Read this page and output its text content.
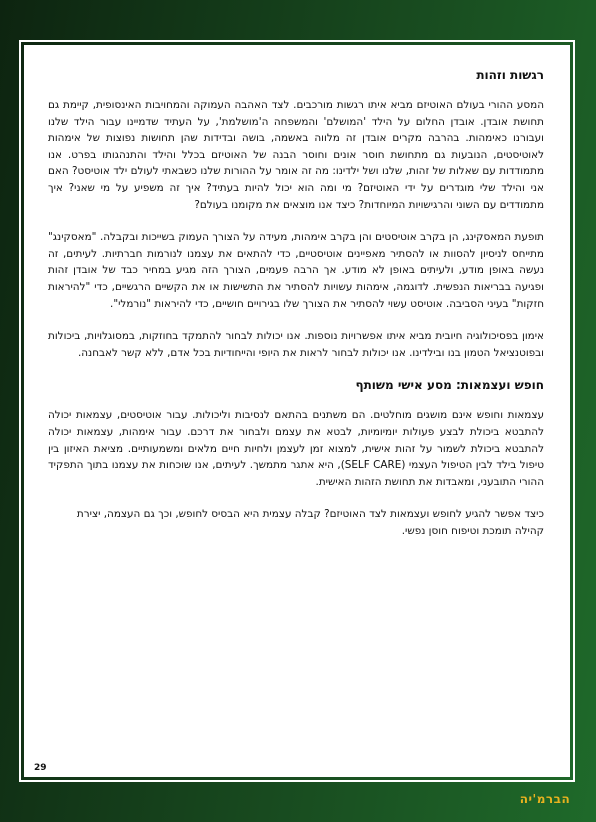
רגשות וזהות

המסע ההורי בעולם האוטיזם מביא איתו רגשות מורכבים. לצד האהבה העמוקה והמחויבות האינסופית, קיימת גם תחושת אובדן. אובדן החלום על הילד 'המושלם' והמשפחה ה'מושלמת', על העתיד שדמיינו עבור הילד שלנו ועבורנו כאימהות. בהרבה מקרים אובדן זה מלווה באשמה, בושה ובדידות שהן תחושות נפוצות של אימהות לאוטיסטים, הנובעות גם מתחושת חוסר אונים וחוסר הבנה של האוטיזם בכלל והילד והתנהגותו בפרט. אנו מתמודדות עם שאלות של זהות, שלנו ושל ילדינו: מה זה אומר על ההורות שלנו כשבאתי לעולם ילד אוטיסט? האם אני והילד שלי מוגדרים על ידי האוטיזם? מי ומה הוא יכול להיות בעתיד? איך זה משפיע על מי שאני? איך מתמודדים עם השוני והרגישויות המיוחדות? כיצד אנו מוצאים את מקומנו בעולם?

תופעת המאסקינג, הן בקרב אוטיסטים והן בקרב אימהות, מעידה על הצורך העמוק בשייכות ובקבלה. "מאסקינג" מתייחס לניסיון להסוות או להסתיר מאפיינים אוטיסטיים, כדי להתאים את עצמנו לנורמות חברתיות. לעיתים, זה נעשה באופן מודע, ולעיתים באופן לא מודע. אך הרבה פעמים, הצורך הזה מגיע במחיר כבד של אובדן זהות ופגיעה בבריאות הנפשית. לדוגמה, אימהות עשויות להסתיר את התשישות או את הקשיים הרגשיים, כדי "להיראות חזקות" בעיני הסביבה. אוטיסט עשוי להסתיר את הצורך שלו בגירויים חושיים, כדי להיראות "נורמלי".

אימון בפסיכולוגיה חיובית מביא איתו אפשרויות נוספות. אנו יכולות לבחור להתמקד בחוזקות, במסוגלויות, ביכולות ובפוטנציאל הטמון בנו ובילדינו. אנו יכולות לבחור לראות את היופי והייחודיות בכל אדם, ללא קשר לאבחנה.

חופש ועצמאות: מסע אישי משותף

עצמאות וחופש אינם מושגים מוחלטים. הם משתנים בהתאם לנסיבות וליכולות. עבור אוטיסטים, עצמאות יכולה להתבטא ביכולת לבצע פעולות יומיומיות, לבטא את עצמם ולבחור את דרכם. עבור אימהות, עצמאות יכולה להתבטא ביכולת לשמור על זהות אישית, למצוא זמן לעצמן ולחיות חיים מלאים ומשמעותיים. מציאת האיזון בין טיפול בילד לבין הטיפול העצמי (SELF CARE), היא אתגר מתמשך. לעיתים, אנו שוכחות את עצמנו בתוך התפקיד ההורי התובעני, ומאבדות את תחושת הזהות האישית.

כיצד אפשר להגיע לחופש ועצמאות לצד האוטיזם? קבלה עצמית היא הבסיס לחופש, וכך גם העצמה, יצירת קהילה תומכת וטיפוח חוסן נפשי.

29
הברמ'יה
